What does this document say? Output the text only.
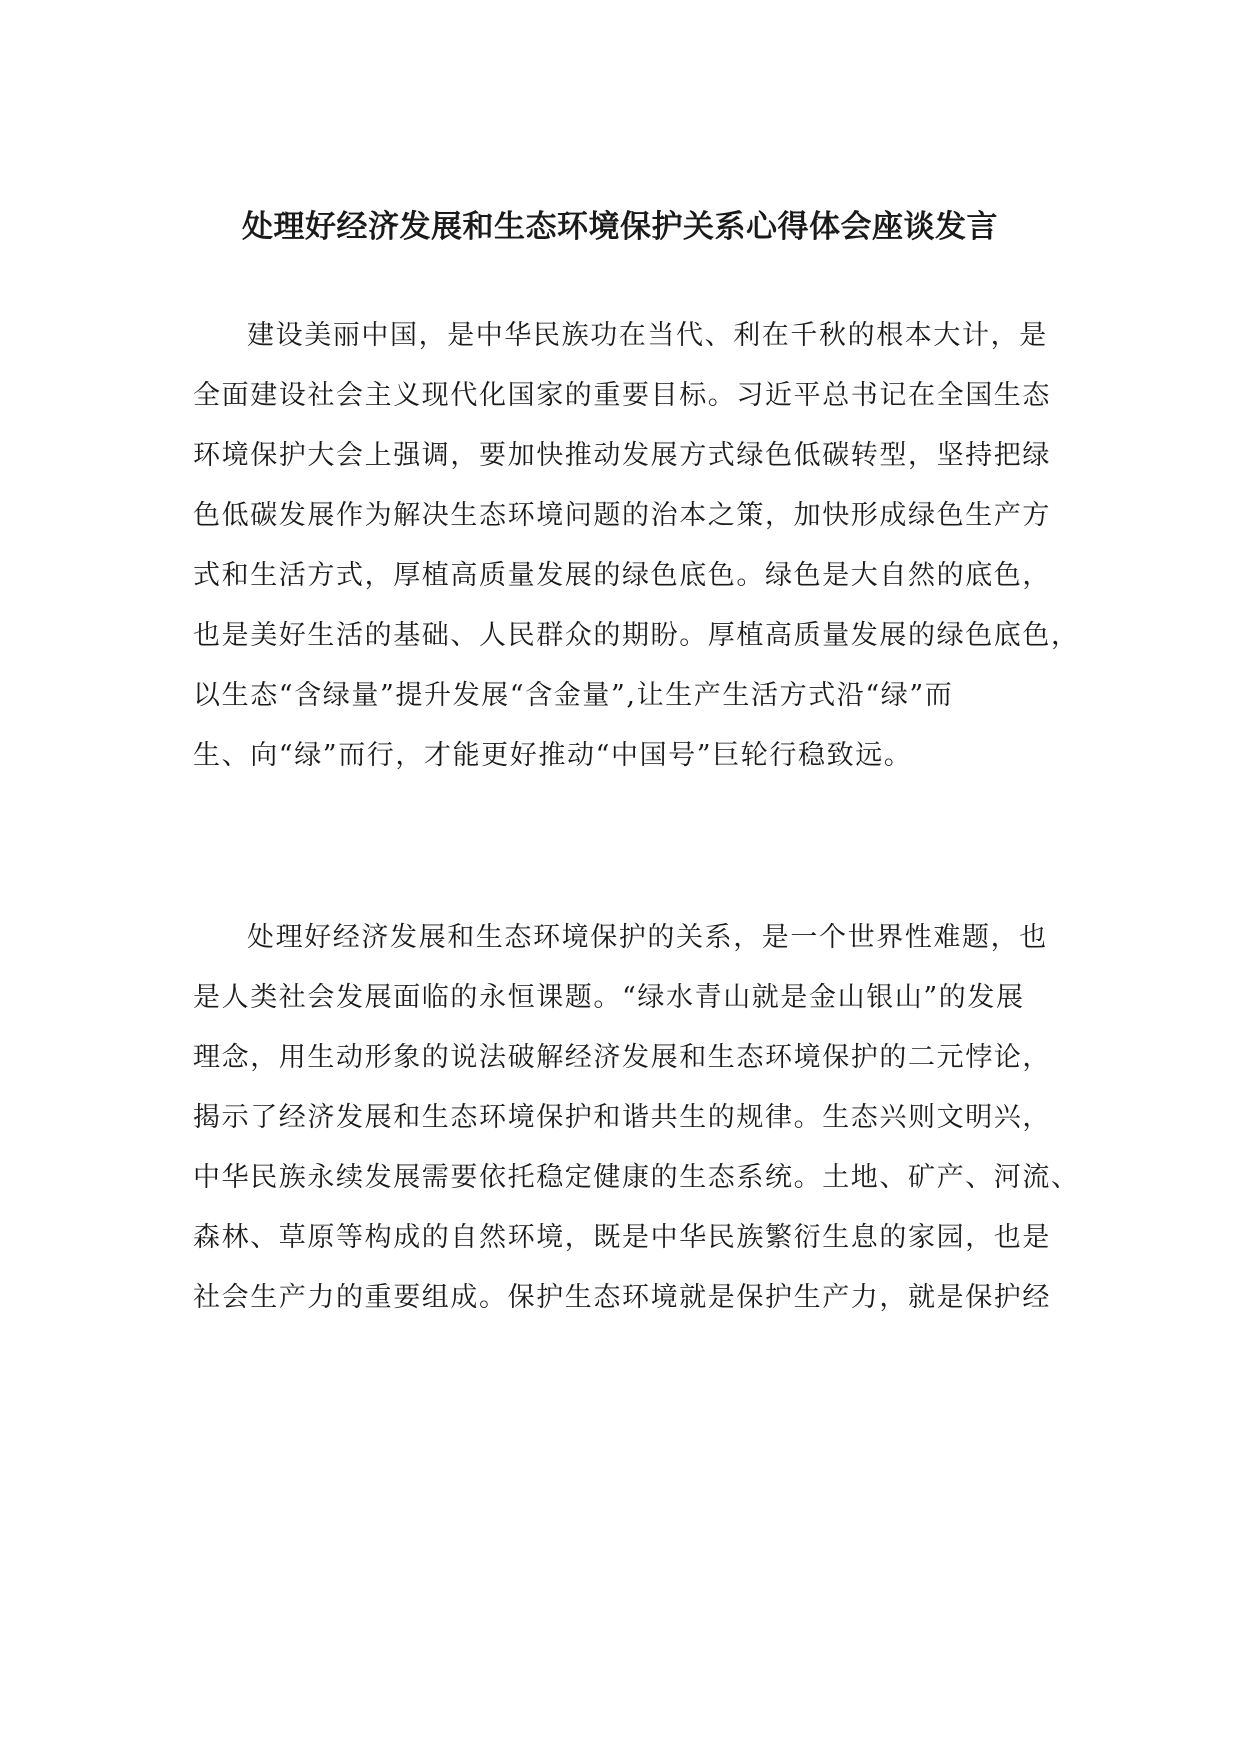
处理好经济发展和生态环境保护关系心得体会座谈发言
建设美丽中国，是中华民族功在当代、利在千秋的根本大计，是
全面建设社会主义现代化国家的重要目标。习近平总书记在全国生态
环境保护大会上强调，要加快推动发展方式绿色低碳转型，坚持把绿
色低碳发展作为解决生态环境问题的治本之策，加快形成绿色生产方
式和生活方式，厚植高质量发展的绿色底色。绿色是大自然的底色，
也是美好生活的基础、人民群众的期盼。厚植高质量发展的绿色底色，
以生态“含绿量”提升发展“含金量”,让生产生活方式沿“绿”而
生、向“绿”而行，才能更好推动“中国号”巨轮行稳致远。
处理好经济发展和生态环境保护的关系，是一个世界性难题，也
是人类社会发展面临的永恒课题。“绿水青山就是金山银山”的发展
理念，用生动形象的说法破解经济发展和生态环境保护的二元悖论，
揭示了经济发展和生态环境保护和谐共生的规律。生态兴则文明兴，
中华民族永续发展需要依托稳定健康的生态系统。土地、矿产、河流、
森林、草原等构成的自然环境，既是中华民族繁衍生息的家园，也是
社会生产力的重要组成。保护生态环境就是保护生产力，就是保护经
